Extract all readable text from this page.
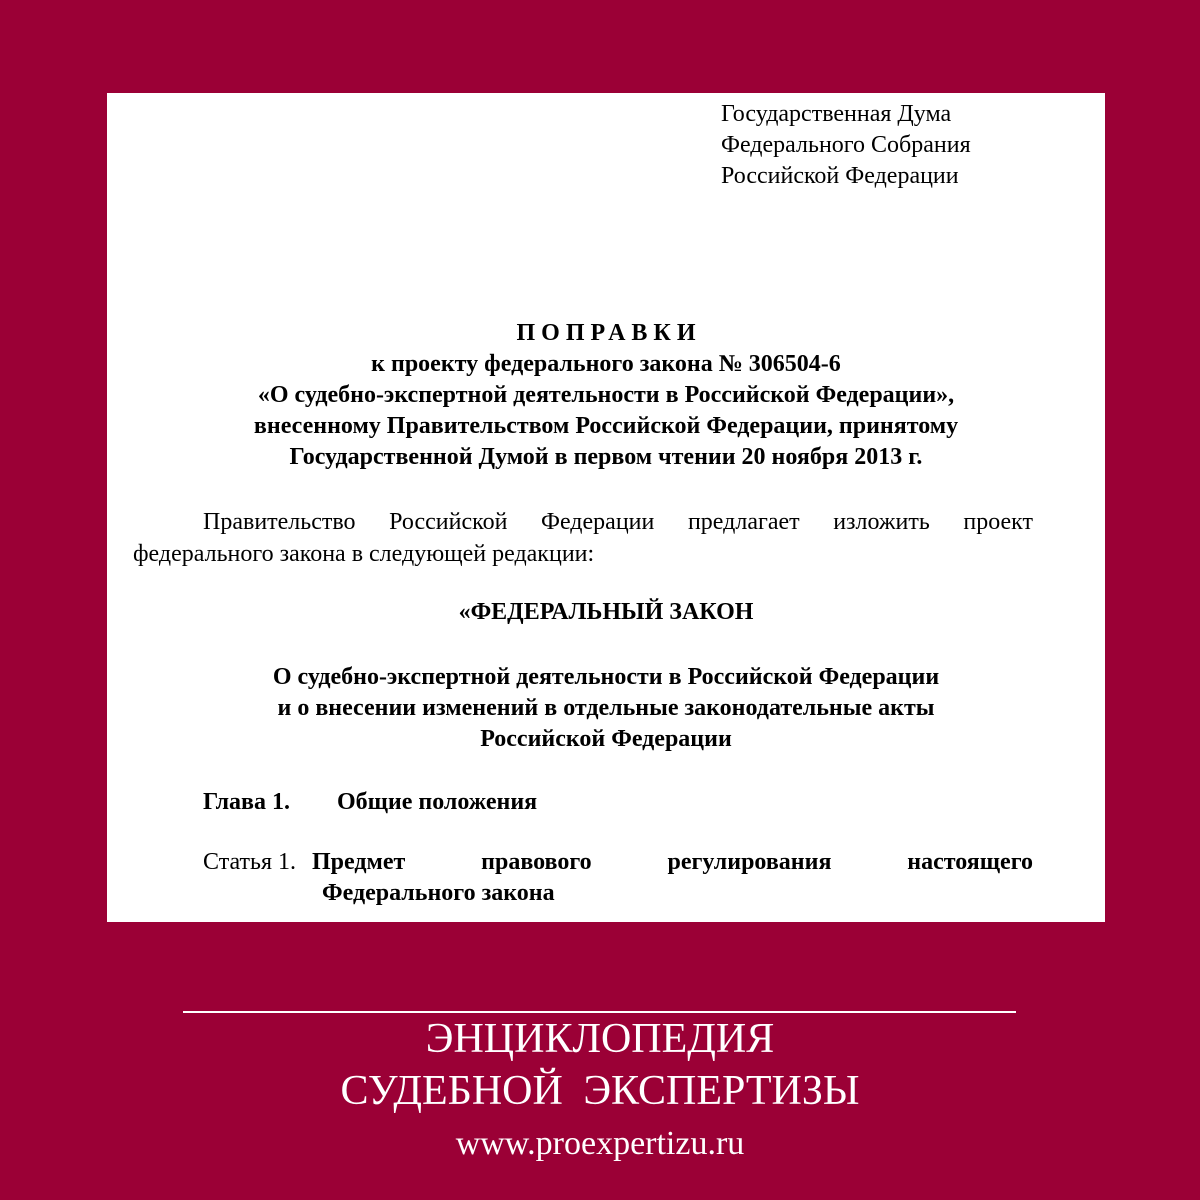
Государственная Дума
Федерального Собрания
Российской Федерации
ПОПРАВКИ
к проекту федерального закона № 306504-6
«О судебно-экспертной деятельности в Российской Федерации»,
внесенному Правительством Российской Федерации, принятому
Государственной Думой в первом чтении 20 ноября 2013 г.
Правительство Российской Федерации предлагает изложить проект
федерального закона в следующей редакции:
«ФЕДЕРАЛЬНЫЙ ЗАКОН
О судебно-экспертной деятельности в Российской Федерации
и о внесении изменений в отдельные законодательные акты
Российской Федерации
Глава 1. Общие положения
Статья 1. Предмет правового регулирования настоящего
Федерального закона
ЭНЦИКЛОПЕДИЯ
СУДЕБНОЙ ЭКСПЕРТИЗЫ
www.proexpertizu.ru
